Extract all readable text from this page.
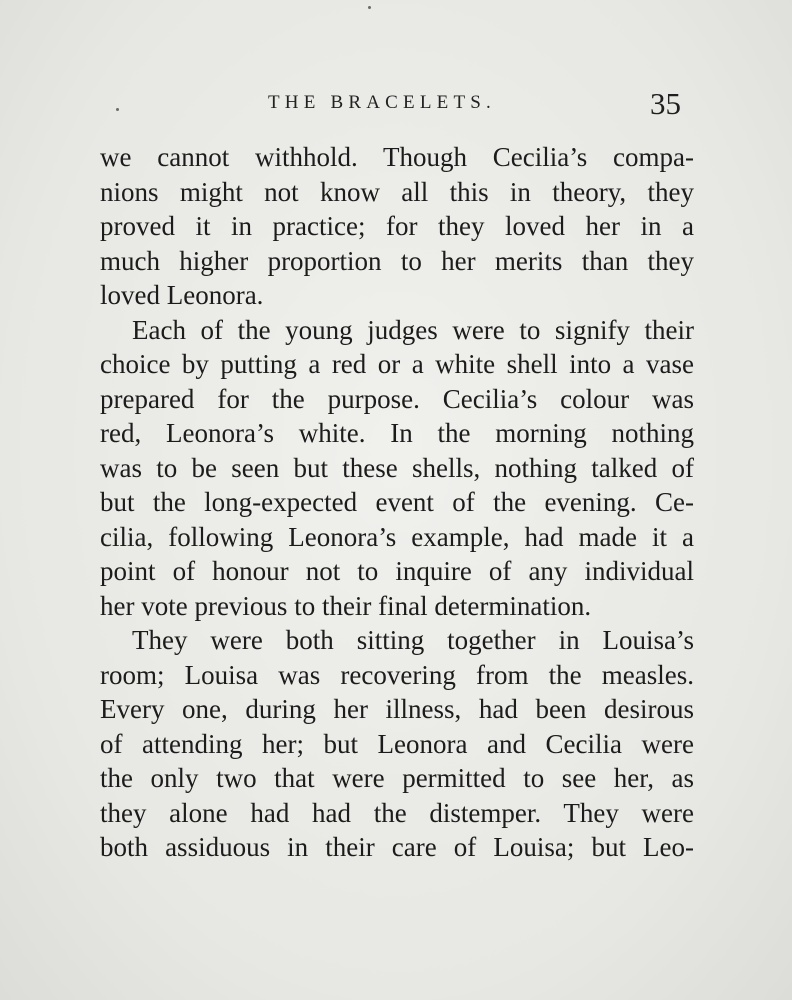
THE BRACELETS.	35
we cannot withhold. Though Cecilia’s compa-
nions might not know all this in theory, they
proved it in practice; for they loved her in a
much higher proportion to her merits than they
loved Leonora.
Each of the young judges were to signify their
choice by putting a red or a white shell into a vase
prepared for the purpose. Cecilia’s colour was
red, Leonora’s white. In the morning nothing
was to be seen but these shells, nothing talked of
but the long-expected event of the evening. Ce-
cilia, following Leonora’s example, had made it a
point of honour not to inquire of any individual
her vote previous to their final determination.
They were both sitting together in Louisa’s
room; Louisa was recovering from the measles.
Every one, during her illness, had been desirous
of attending her; but Leonora and Cecilia were
the only two that were permitted to see her, as
they alone had had the distemper. They were
both assiduous in their care of Louisa; but Leo-
